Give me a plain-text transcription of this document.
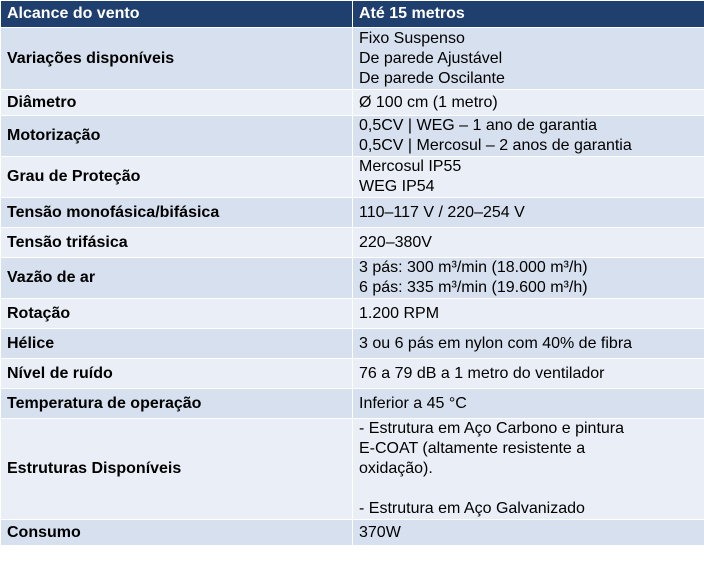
Alcance do vento	Até 15 metros
Variações disponíveis	Fixo Suspenso
De parede Ajustável
De parede Oscilante

Diâmetro	Ø 100 cm (1 metro)

Motorização	0,5CV | WEG – 1 ano de garantia
0,5CV | Mercosul – 2 anos de garantia

Grau de Proteção	Mercosul IP55
WEG IP54

Tensão monofásica/bifásica	110–117 V / 220–254 V

Tensão trifásica	220–380V

Vazão de ar	3 pás: 300 m³/min (18.000 m³/h)
6 pás: 335 m³/min (19.600 m³/h)

Rotação	1.200 RPM

Hélice	3 ou 6 pás em nylon com 40% de fibra

Nível de ruído	76 a 79 dB a 1 metro do ventilador

Temperatura de operação	Inferior a 45 °C

Estruturas Disponíveis	- Estrutura em Aço Carbono e pintura
E-COAT (altamente resistente a
oxidação).
- Estrutura em Aço Galvanizado

Consumo	370W
